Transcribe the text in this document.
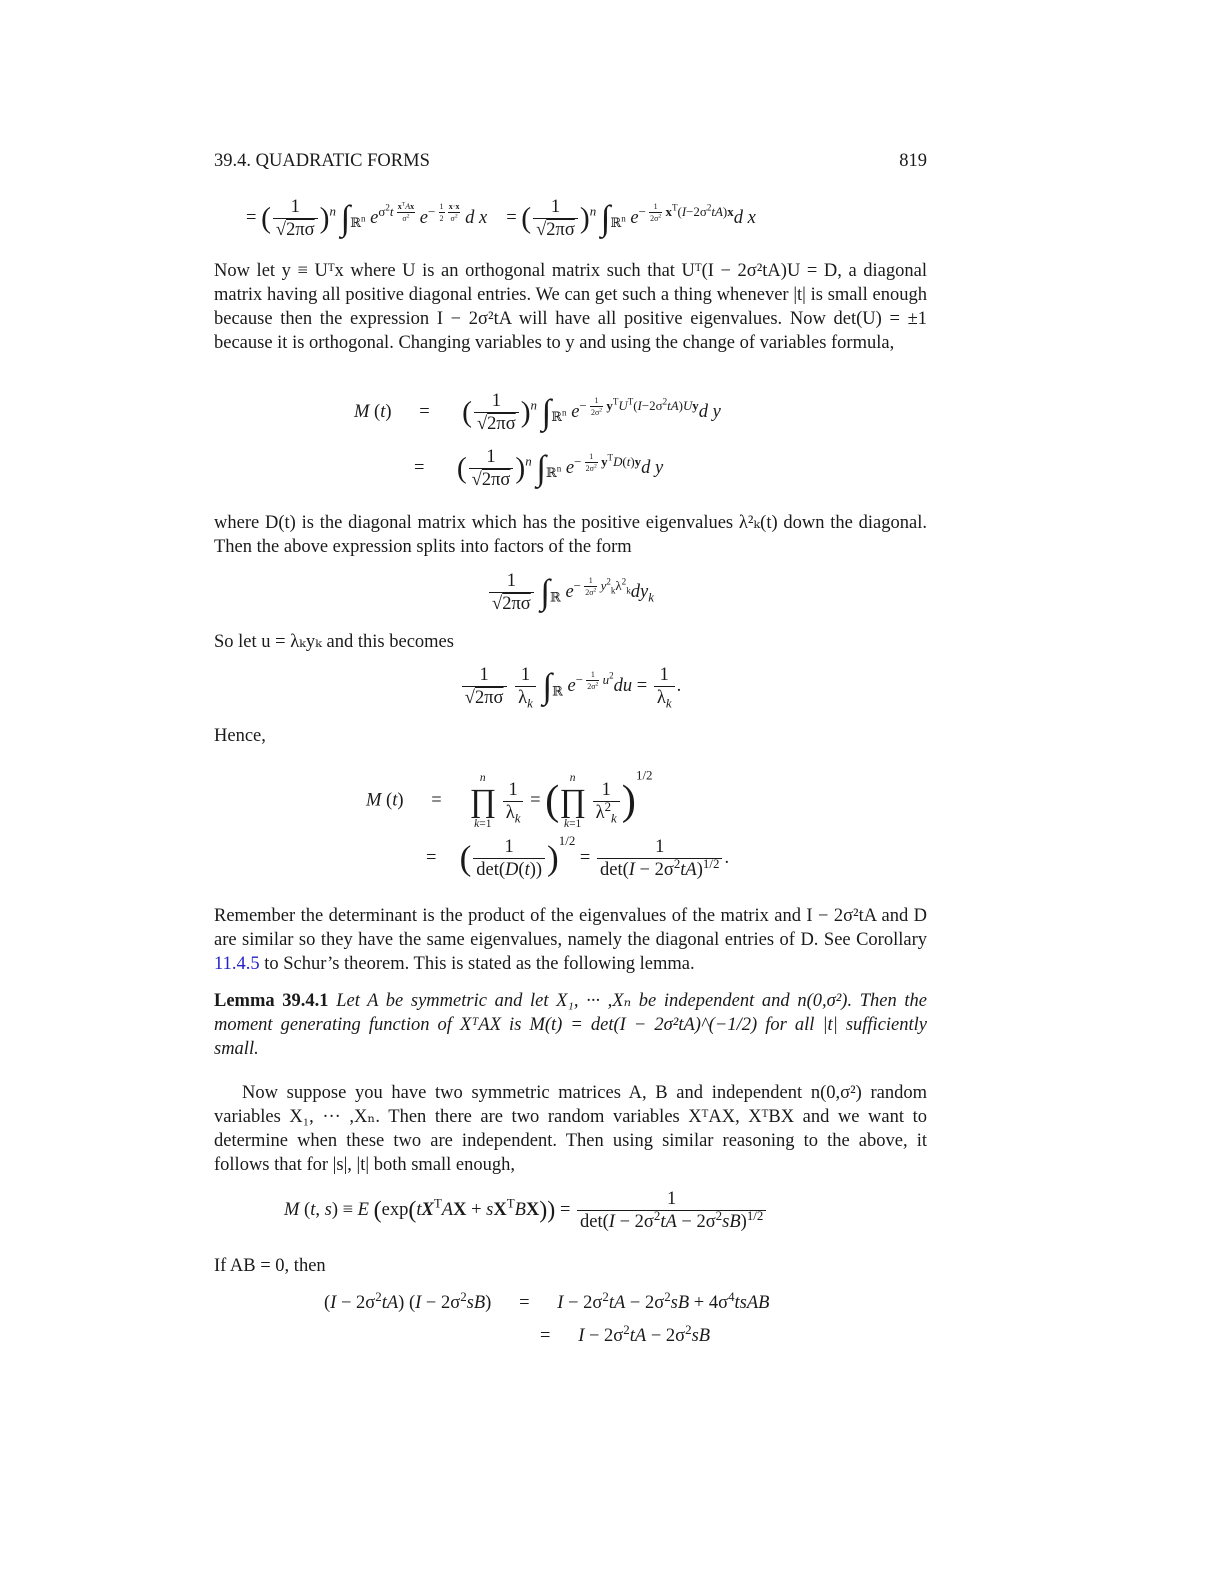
39.4. QUADRATIC FORMS	819
= ( $\frac{1}{√2\pi\sigma} )^n$ $\int_{ℝ^n}$ $e^{\sigma^2t x^TAx \sigma^2}$ $e^{- \frac{1}{2} \frac{x\cdot x}{\sigma^2}}$ d x⃗ = ( $\frac{1}{√2\pi\sigma} )^n$ $\int_{ℝ^n}$ $e^{- \frac{1}{2\sigma^2} x^T(I-2\sigma^2tA)x}d$ x⃗

Now let y ≡ Uᵀx where U is an orthogonal matrix such that Uᵀ(I − 2σ²tA)U = D, a diagonal matrix having all positive diagonal entries. We can get such a thing whenever |t| is small enough because then the expression I − 2σ²tA will have all positive eigenvalues. Now det(U) = ±1 because it is orthogonal. Changing variables to y and using the change of variables formula,

M (t)      =       ( $\frac{1}{√2\pi\sigma} )^n$ $\int_{ℝ^n}$ $e^{- \frac{1}{2\sigma^2} y^TU^T(I-2\sigma^2tA)Uy}d$ y⃗
=       ( $\frac{1}{√2\pi\sigma} )^n$ $\int_{ℝ^n}$ $e^{- \frac{1}{2\sigma^2} y^TD(t)y}d$ y⃗

where D(t) is the diagonal matrix which has the positive eigenvalues λ²ₖ(t) down the diagonal. Then the above expression splits into factors of the form

$\frac{1}{√2\pi\sigma} \int_ℝ$ $e^{- \frac{1}{2\sigma^2} y^2_k\lambda^2_k}dy_k$

So let u = λₖyₖ and this becomes

$\frac{1}{√2\pi\sigma}$
$\frac{1}{\lambda_k} \int_ℝ$ $e^{- \frac{1}{2\sigma^2} u^2}du = \frac{1}{\lambda_k}$ .

Hence,

M (t)      =
n
∏
k=1

$\frac{1}{\lambda_k}$ = ( n
∏
k=1

$\frac{1}{\lambda^2_k} )^{1/2}$
=     ( $\frac{1}{\det(D(t))} )^{1/2} = \frac{1}{\det(I - 2\sigma^2tA)^{1/2}}$ .

Remember the determinant is the product of the eigenvalues of the matrix and I − 2σ²tA and D are similar so they have the same eigenvalues, namely the diagonal entries of D. See Corollary 11.4.5 to Schur’s theorem. This is stated as the following lemma.

Lemma 39.4.1 Let A be symmetric and let X₁, ··· ,Xₙ be independent and n(0,σ²). Then the moment generating function of XᵀAX is M(t) = det(I − 2σ²tA)^(−1/2) for all |t| sufficiently small.

Now suppose you have two symmetric matrices A, B and independent n(0,σ²) random variables X₁, ··· ,Xₙ. Then there are two random variables XᵀAX, XᵀBX and we want to determine when these two are independent. Then using similar reasoning to the above, it follows that for |s|, |t| both small enough,

M (t, s) ≡ E $(\exp(tX^TAX + sX^TBX)) = \frac{1}{\det(I - 2\sigma^2tA - 2\sigma^2sB)^{1/2}}$

If AB = 0, then

$(I - 2\sigma^2tA)$ $(I - 2\sigma^2sB)$      =      $I - 2\sigma^2tA - 2\sigma^2sB$ + $4\sigma^4tsAB$
=      $I - 2\sigma^2tA - 2\sigma^2sB$
